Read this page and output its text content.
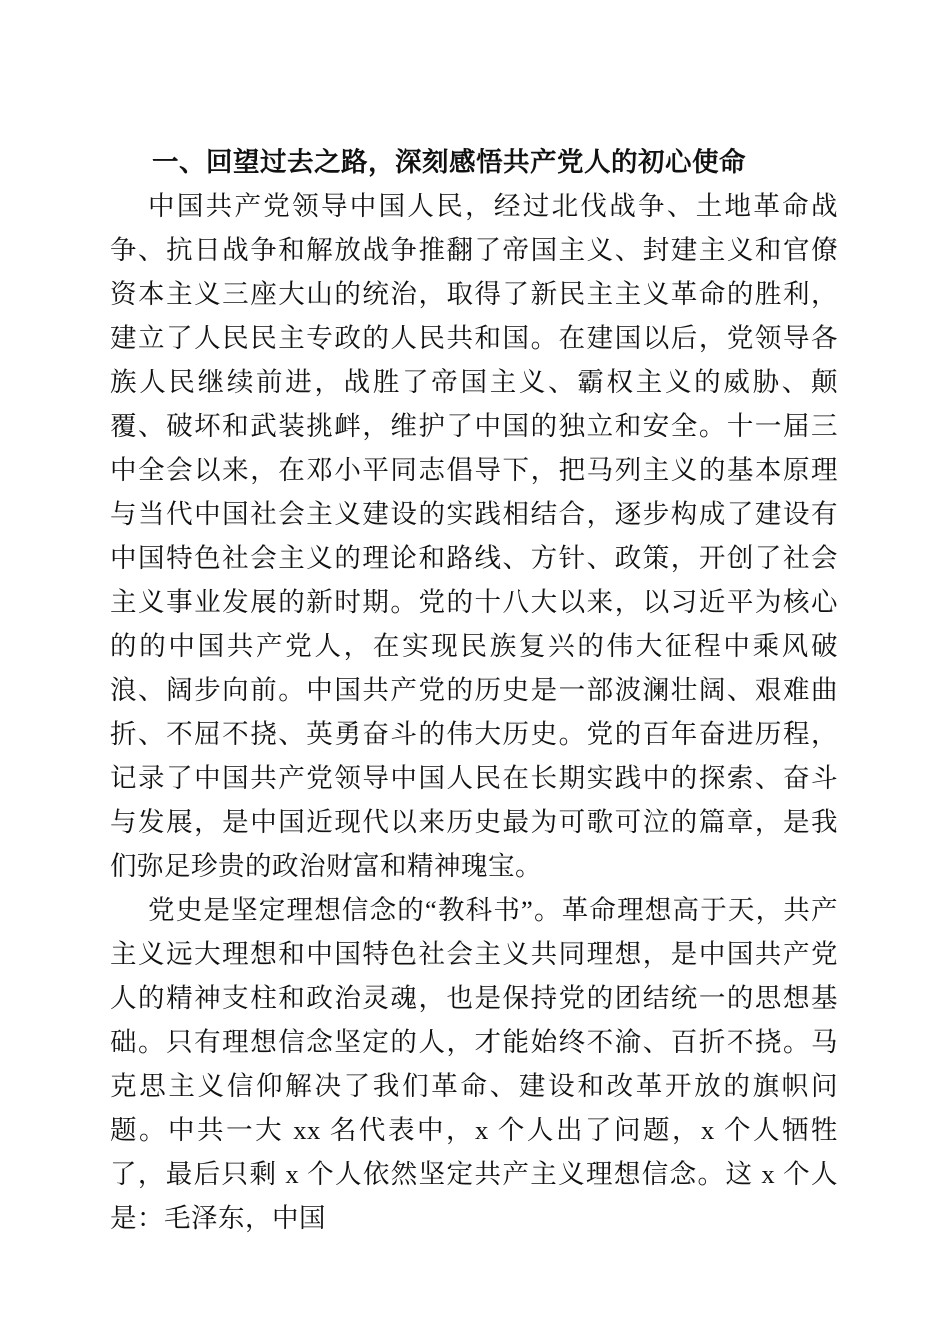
一、回望过去之路，深刻感悟共产党人的初心使命

中国共产党领导中国人民，经过北伐战争、土地革命战争、抗日战争和解放战争推翻了帝国主义、封建主义和官僚资本主义三座大山的统治，取得了新民主主义革命的胜利，建立了人民民主专政的人民共和国。在建国以后，党领导各族人民继续前进，战胜了帝国主义、霸权主义的威胁、颠覆、破坏和武装挑衅，维护了中国的独立和安全。十一届三中全会以来，在邓小平同志倡导下，把马列主义的基本原理与当代中国社会主义建设的实践相结合，逐步构成了建设有中国特色社会主义的理论和路线、方针、政策，开创了社会主义事业发展的新时期。党的十八大以来，以习近平为核心的的中国共产党人，在实现民族复兴的伟大征程中乘风破浪、阔步向前。中国共产党的历史是一部波澜壮阔、艰难曲折、不屈不挠、英勇奋斗的伟大历史。党的百年奋进历程，记录了中国共产党领导中国人民在长期实践中的探索、奋斗与发展，是中国近现代以来历史最为可歌可泣的篇章，是我们弥足珍贵的政治财富和精神瑰宝。

党史是坚定理想信念的“教科书”。革命理想高于天，共产主义远大理想和中国特色社会主义共同理想，是中国共产党人的精神支柱和政治灵魂，也是保持党的团结统一的思想基础。只有理想信念坚定的人，才能始终不渝、百折不挠。马克思主义信仰解决了我们革命、建设和改革开放的旗帜问题。中共一大 xx 名代表中，x 个人出了问题，x 个人牺牲了，最后只剩 x 个人依然坚定共产主义理想信念。这 x 个人是：毛泽东，中国
